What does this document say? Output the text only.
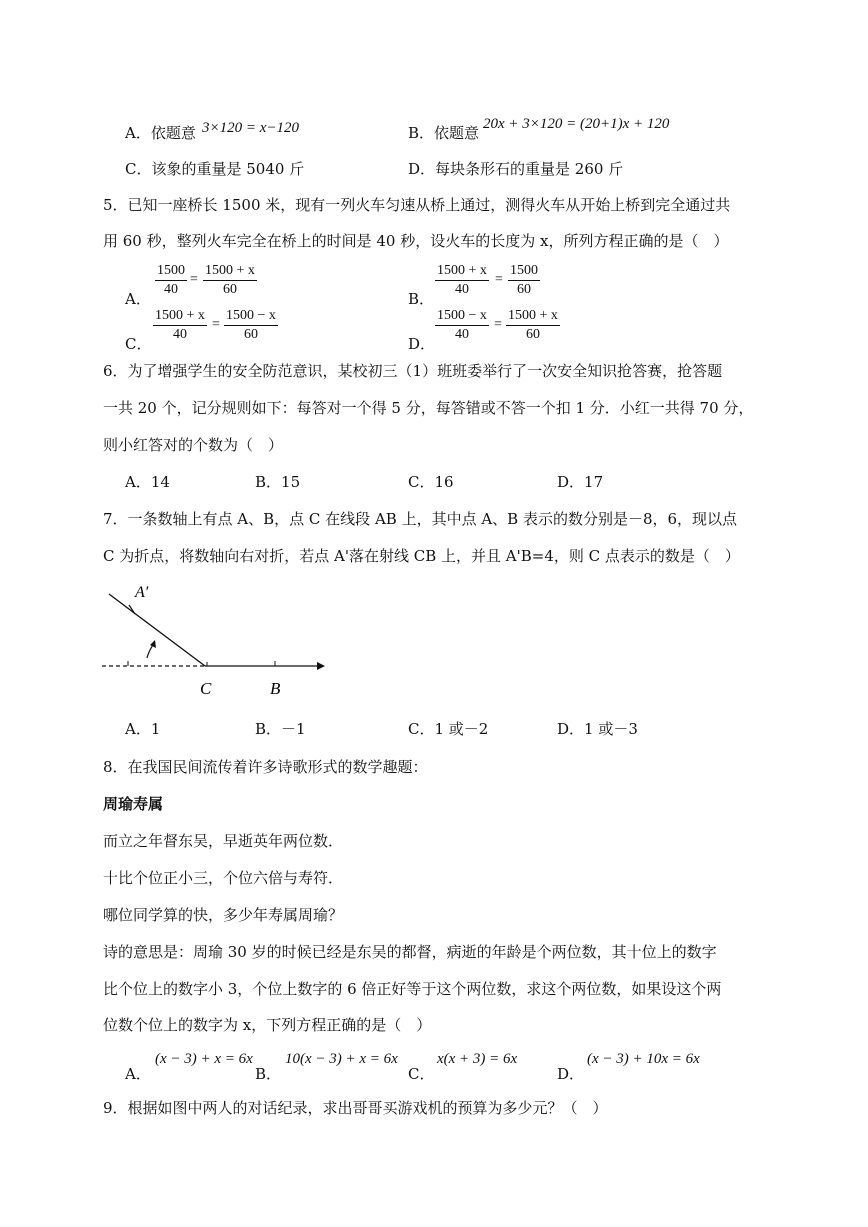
A．依题意 3×120 = x−120	B．依题意 20x + 3×120 = (20+1)x + 120
C．该象的重量是 5040 斤	D．每块条形石的重量是 260 斤
5．已知一座桥长 1500 米，现有一列火车匀速从桥上通过，测得火车从开始上桥到完全通过共
用 60 秒，整列火车完全在桥上的时间是 40 秒，设火车的长度为 x，所列方程正确的是（　）
A． $\frac{1500}{40} = \frac{1500 + x}{60}$	B． $\frac{1500 + x}{40} = \frac{1500}{60}$
C． $\frac{1500 + x}{40} = \frac{1500 - x}{60}$	D． $\frac{1500 - x}{40} = \frac{1500 + x}{60}$
6．为了增强学生的安全防范意识，某校初三（1）班班委举行了一次安全知识抢答赛，抢答题
一共 20 个，记分规则如下：每答对一个得 5 分，每答错或不答一个扣 1 分．小红一共得 70 分，
则小红答对的个数为（　）
A．14	B．15	C．16	D．17
7．一条数轴上有点 A、B，点 C 在线段 AB 上，其中点 A、B 表示的数分别是－8，6，现以点
C 为折点，将数轴向右对折，若点 A'落在射线 CB 上，并且 A'B=4，则 C 点表示的数是（　）
A′
C	B
A．1	B．－1	C．1 或－2	D．1 或－3
8．在我国民间流传着许多诗歌形式的数学趣题：
周瑜寿属
而立之年督东吴，早逝英年两位数．
十比个位正小三，个位六倍与寿符．
哪位同学算的快，多少年寿属周瑜？
诗的意思是：周瑜 30 岁的时候已经是东吴的都督，病逝的年龄是个两位数，其十位上的数字
比个位上的数字小 3，个位上数字的 6 倍正好等于这个两位数，求这个两位数，如果设这个两
位数个位上的数字为 x，下列方程正确的是（　）
A．
(x − 3) + x = 6x
B．
10(x − 3) + x = 6x
C．
x(x + 3) = 6x
D．
(x − 3) + 10x = 6x
9．根据如图中两人的对话纪录，求出哥哥买游戏机的预算为多少元？（　）
